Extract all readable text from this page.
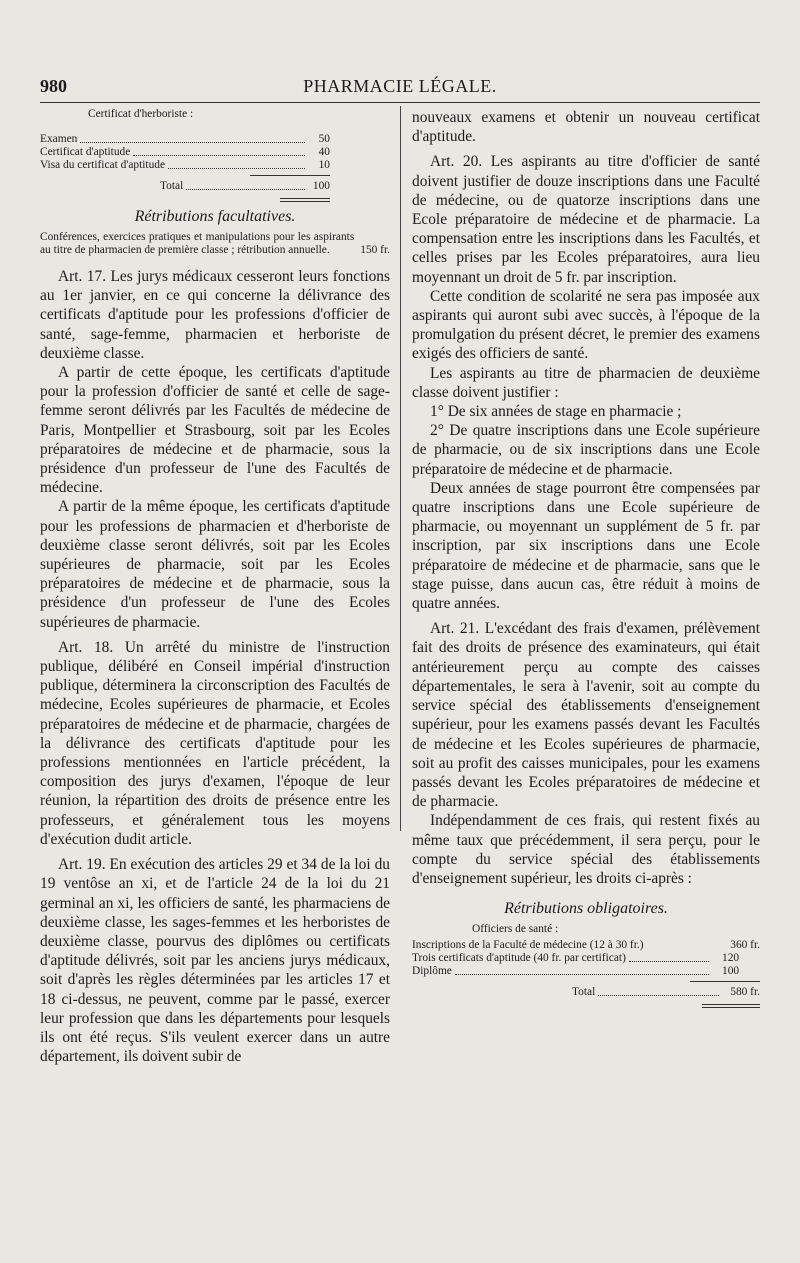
980	PHARMACIE LÉGALE.

Certificat d'herboriste :

Examen	50
Certificat d'aptitude	40
Visa du certificat d'aptitude	10
Total	100

Rétributions facultatives.

Conférences, exercices pratiques et manipulations pour les aspirants au titre de pharmacien de première classe ; rétribution annuelle.	150 fr.

Art. 17. Les jurys médicaux cesseront leurs fonctions au 1er janvier, en ce qui concerne la délivrance des certificats d'aptitude pour les professions d'officier de santé, sage-femme, pharmacien et herboriste de deuxième classe.

A partir de cette époque, les certificats d'aptitude pour la profession d'officier de santé et celle de sage-femme seront délivrés par les Facultés de médecine de Paris, Montpellier et Strasbourg, soit par les Ecoles préparatoires de médecine et de pharmacie, sous la présidence d'un professeur de l'une des Facultés de médecine.

A partir de la même époque, les certificats d'aptitude pour les professions de pharmacien et d'herboriste de deuxième classe seront délivrés, soit par les Ecoles supérieures de pharmacie, soit par les Ecoles préparatoires de médecine et de pharmacie, sous la présidence d'un professeur de l'une des Ecoles supérieures de pharmacie.

Art. 18. Un arrêté du ministre de l'instruction publique, délibéré en Conseil impérial d'instruction publique, déterminera la circonscription des Facultés de médecine, Ecoles supérieures de pharmacie, et Ecoles préparatoires de médecine et de pharmacie, chargées de la délivrance des certificats d'aptitude pour les professions mentionnées en l'article précédent, la composition des jurys d'examen, l'époque de leur réunion, la répartition des droits de présence entre les professeurs, et généralement tous les moyens d'exécution dudit article.

Art. 19. En exécution des articles 29 et 34 de la loi du 19 ventôse an xi, et de l'article 24 de la loi du 21 germinal an xi, les officiers de santé, les pharmaciens de deuxième classe, les sages-femmes et les herboristes de deuxième classe, pourvus des diplômes ou certificats d'aptitude délivrés, soit par les anciens jurys médicaux, soit d'après les règles déterminées par les articles 17 et 18 ci-dessus, ne peuvent, comme par le passé, exercer leur profession que dans les départements pour lesquels ils ont été reçus. S'ils veulent exercer dans un autre département, ils doivent subir de

nouveaux examens et obtenir un nouveau certificat d'aptitude.

Art. 20. Les aspirants au titre d'officier de santé doivent justifier de douze inscriptions dans une Faculté de médecine, ou de quatorze inscriptions dans une Ecole préparatoire de médecine et de pharmacie. La compensation entre les inscriptions dans les Facultés, et celles prises par les Ecoles préparatoires, aura lieu moyennant un droit de 5 fr. par inscription.

Cette condition de scolarité ne sera pas imposée aux aspirants qui auront subi avec succès, à l'époque de la promulgation du présent décret, le premier des examens exigés des officiers de santé.

Les aspirants au titre de pharmacien de deuxième classe doivent justifier :

1° De six années de stage en pharmacie ;

2° De quatre inscriptions dans une Ecole supérieure de pharmacie, ou de six inscriptions dans une Ecole préparatoire de médecine et de pharmacie.

Deux années de stage pourront être compensées par quatre inscriptions dans une Ecole supérieure de pharmacie, ou moyennant un supplément de 5 fr. par inscription, par six inscriptions dans une Ecole préparatoire de médecine et de pharmacie, sans que le stage puisse, dans aucun cas, être réduit à moins de quatre années.

Art. 21. L'excédant des frais d'examen, prélèvement fait des droits de présence des examinateurs, qui était antérieurement perçu au compte des caisses départementales, le sera à l'avenir, soit au compte du service spécial des établissements d'enseignement supérieur, pour les examens passés devant les Facultés de médecine et les Ecoles supérieures de pharmacie, soit au profit des caisses municipales, pour les examens passés devant les Ecoles préparatoires de médecine et de pharmacie.

Indépendamment de ces frais, qui restent fixés au même taux que précédemment, il sera perçu, pour le compte du service spécial des établissements d'enseignement supérieur, les droits ci-après :

Rétributions obligatoires.

Officiers de santé :

Inscriptions de la Faculté de médecine (12 à 30 fr.)	360 fr.
Trois certificats d'aptitude (40 fr. par certificat)	120
Diplôme	100
Total	580 fr.
